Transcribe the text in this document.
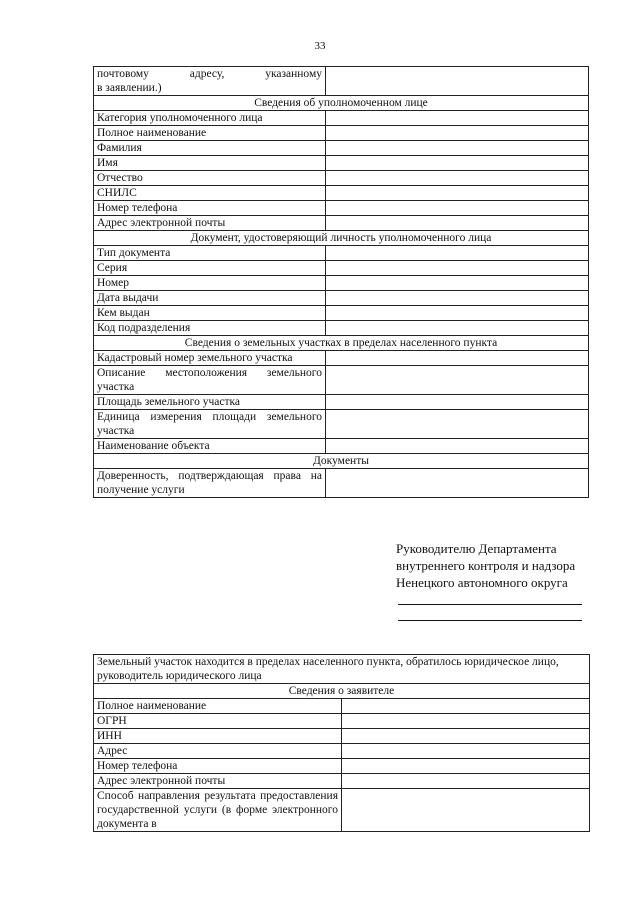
33
почтовому адресу, указанному
в заявлении.)	

Сведения об уполномоченном лице	
Категория уполномоченного лица	
Полное наименование	
Фамилия	
Имя	
Отчество	
СНИЛС	
Номер телефона	
Адрес электронной почты	
Документ, удостоверяющий личность уполномоченного лица	
Тип документа	
Серия	
Номер	
Дата выдачи	
Кем выдан	
Код подразделения	
Сведения о земельных участках в пределах населенного пункта	
Кадастровый номер земельного участка	
Описание местоположения земельного участка	
Площадь земельного участка	
Единица измерения площади земельного участка	
Наименование объекта	
Документы	
Доверенность, подтверждающая права на получение услуги	
Руководителю Департамента
внутреннего контроля и надзора
Ненецкого автономного округа
Земельный участок находится в пределах населенного пункта, обратилось юридическое лицо, руководитель юридического лица	
Сведения о заявителе	
Полное наименование	
ОГРН	
ИНН	
Адрес	
Номер телефона	
Адрес электронной почты	
Способ направления результата предоставления государственной услуги (в форме электронного документа в	
